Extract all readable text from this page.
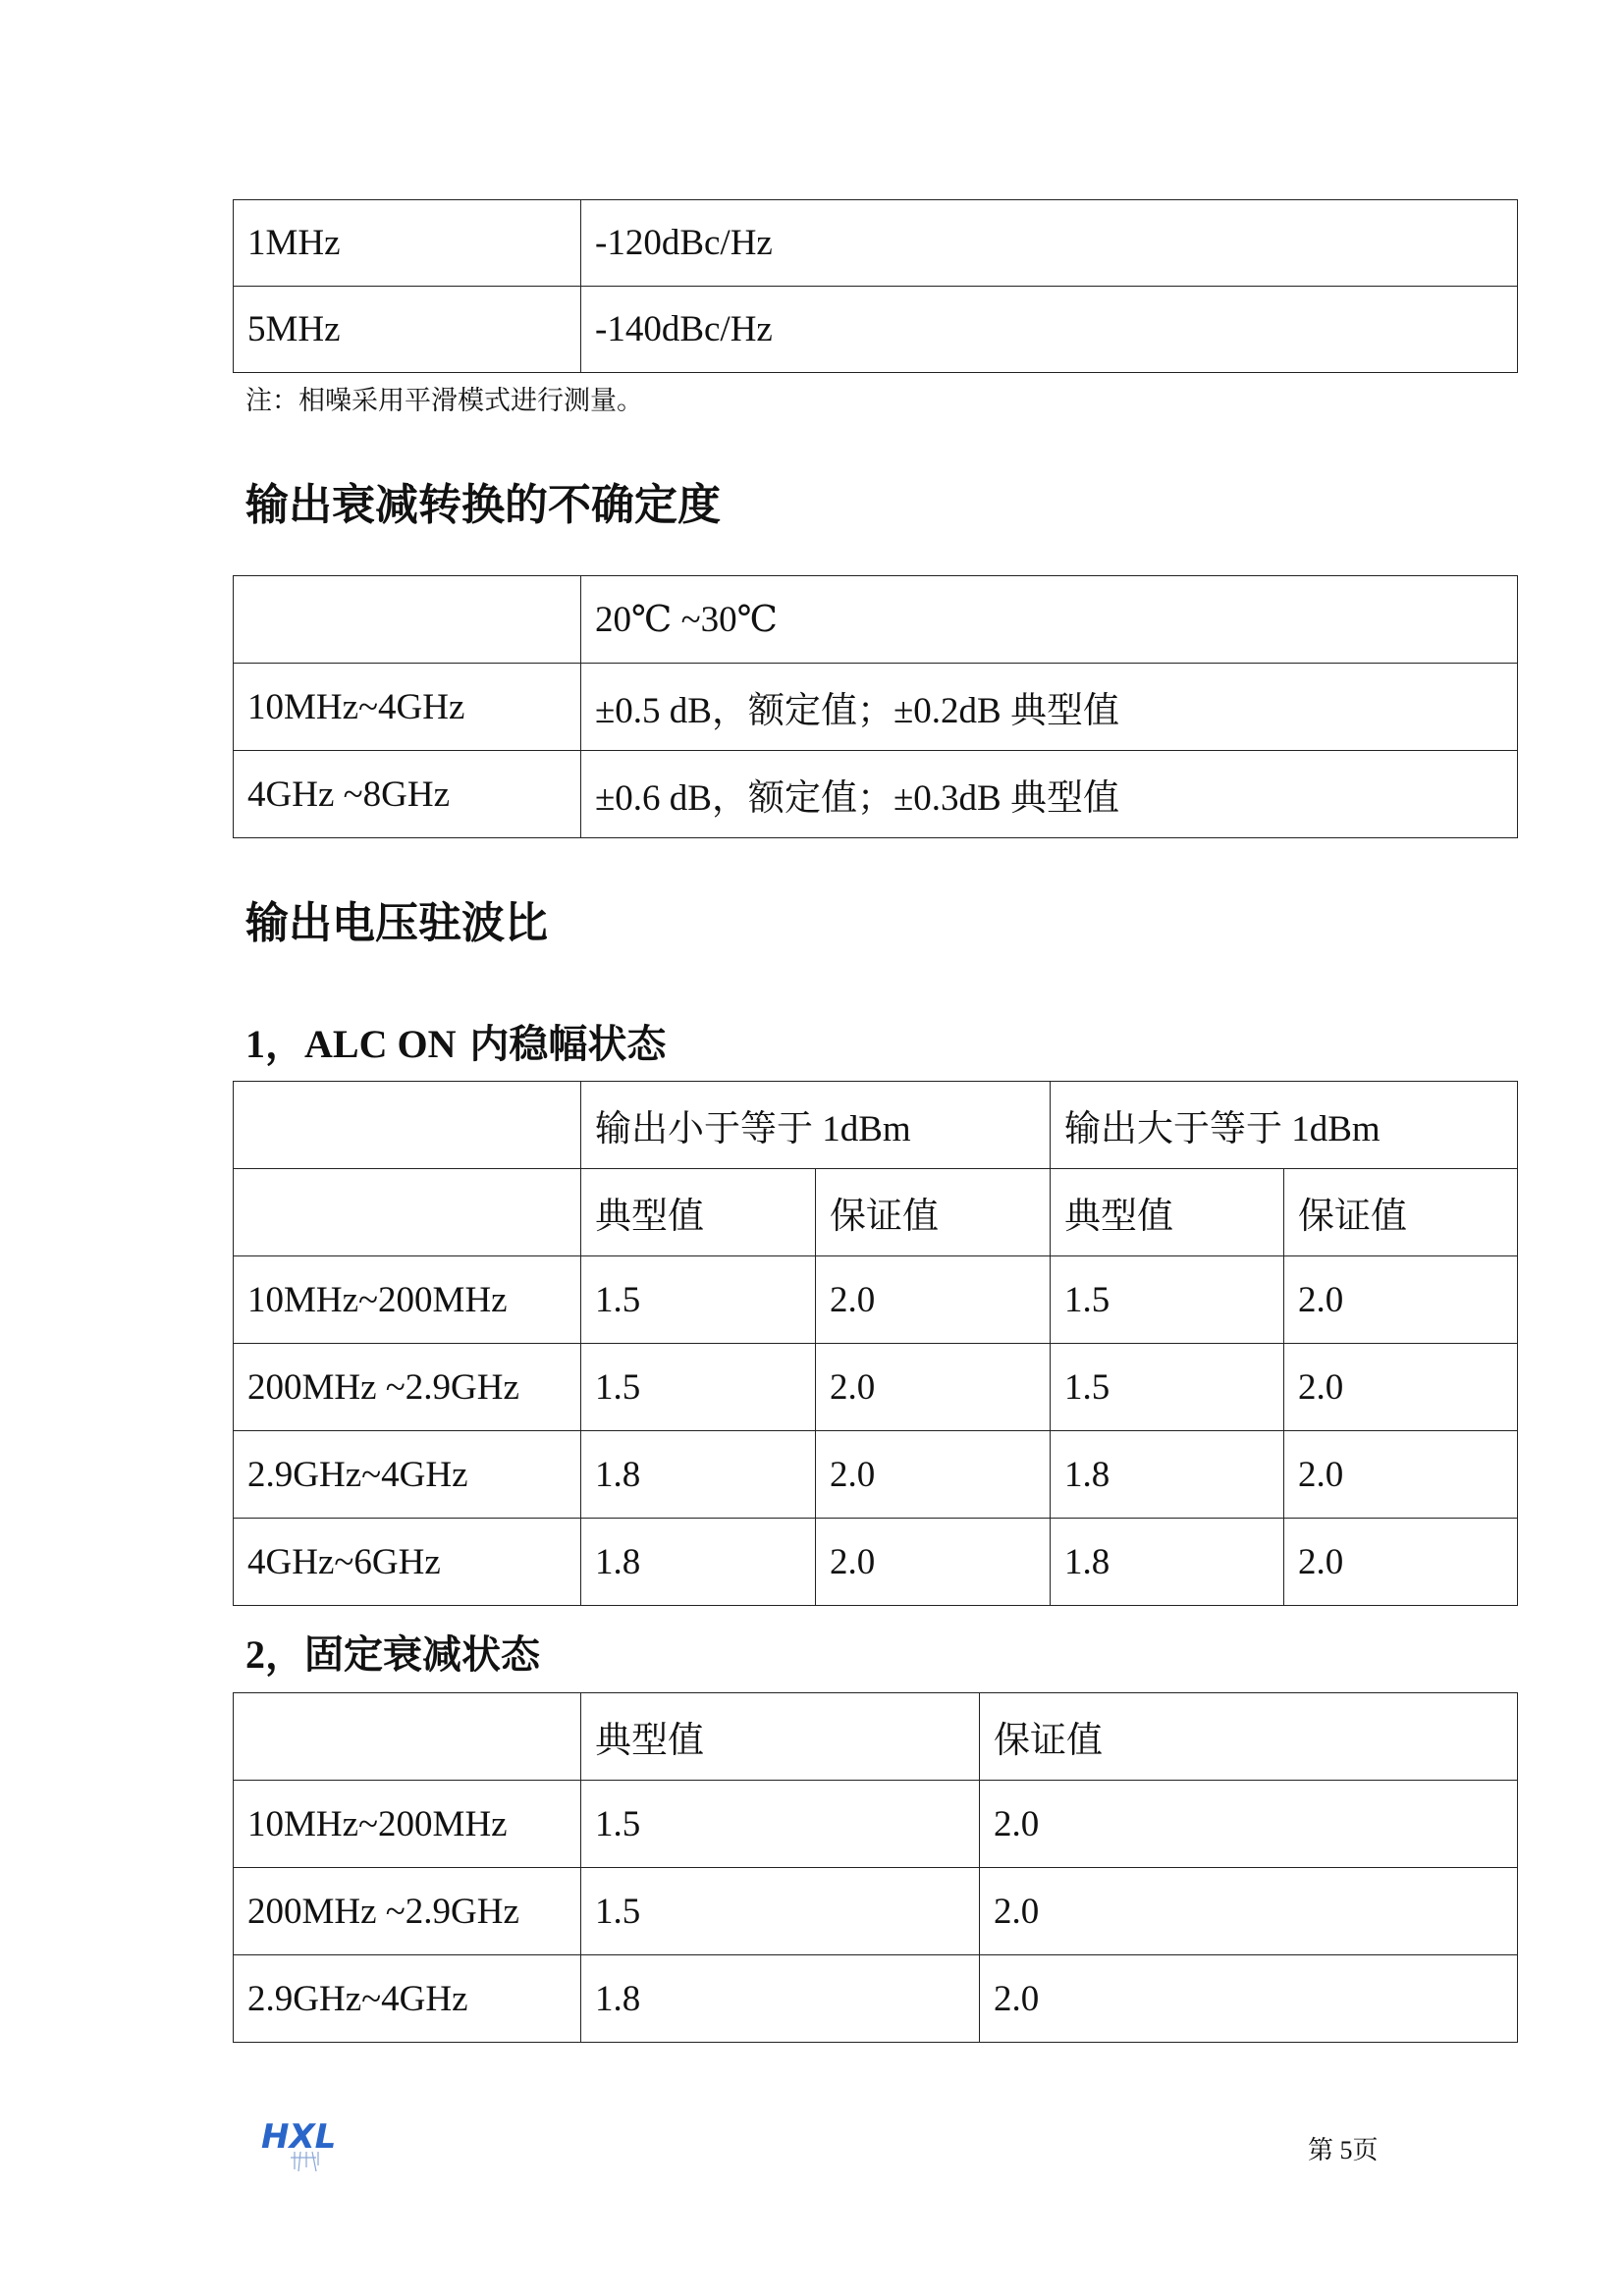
1MHz	-120dBc/Hz
5MHz	-140dBc/Hz
注：相噪采用平滑模式进行测量。
输出衰减转换的不确定度
	20℃ ~30℃
10MHz~4GHz	±0.5 dB，额定值；±0.2dB 典型值
4GHz ~8GHz	±0.6 dB，额定值；±0.3dB 典型值
输出电压驻波比
1，ALC ON 内稳幅状态
	输出小于等于 1dBm		输出大于等于 1dBm	
	典型值	保证值	典型值	保证值
10MHz~200MHz	1.5	2.0	1.5	2.0
200MHz ~2.9GHz	1.5	2.0	1.5	2.0
2.9GHz~4GHz	1.8	2.0	1.8	2.0
4GHz~6GHz	1.8	2.0	1.8	2.0
2，固定衰减状态
	典型值	保证值
10MHz~200MHz	1.5	2.0
200MHz ~2.9GHz	1.5	2.0
2.9GHz~4GHz	1.8	2.0
HXL	第 5页
